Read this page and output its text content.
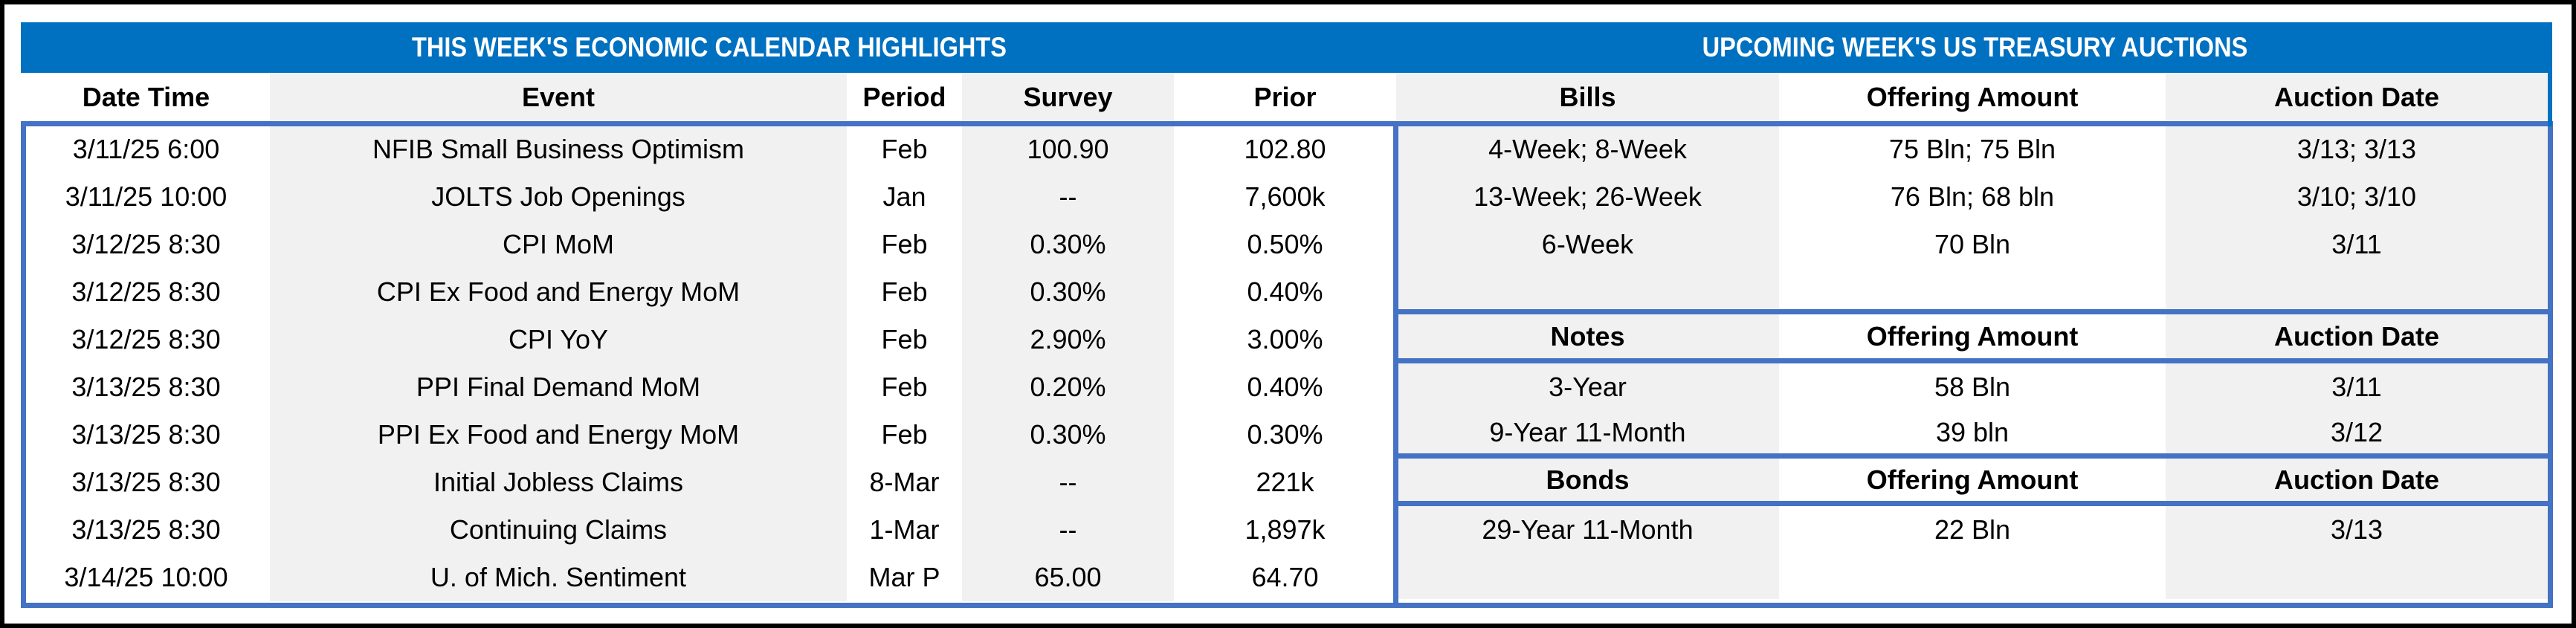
THIS WEEK'S ECONOMIC CALENDAR HIGHLIGHTS	UPCOMING WEEK'S US TREASURY AUCTIONS
Date Time	Event	Period	Survey	Prior	Bills	Offering Amount	Auction Date
3/11/25 6:00	NFIB Small Business Optimism	Feb	100.90	102.80
3/11/25 10:00	JOLTS Job Openings	Jan	--	7,600k
3/12/25 8:30	CPI MoM	Feb	0.30%	0.50%
3/12/25 8:30	CPI Ex Food and Energy MoM	Feb	0.30%	0.40%
3/12/25 8:30	CPI YoY	Feb	2.90%	3.00%
3/13/25 8:30	PPI Final Demand MoM	Feb	0.20%	0.40%
3/13/25 8:30	PPI Ex Food and Energy MoM	Feb	0.30%	0.30%
3/13/25 8:30	Initial Jobless Claims	8-Mar	--	221k
3/13/25 8:30	Continuing Claims	1-Mar	--	1,897k
3/14/25 10:00	U. of Mich. Sentiment	Mar P	65.00	64.70
4-Week; 8-Week	75 Bln; 75 Bln	3/13; 3/13
13-Week; 26-Week	76 Bln; 68 bln	3/10; 3/10
6-Week	70 Bln	3/11
Notes	Offering Amount	Auction Date
3-Year	58 Bln	3/11
9-Year 11-Month	39 bln	3/12
Bonds	Offering Amount	Auction Date
29-Year 11-Month	22 Bln	3/13
